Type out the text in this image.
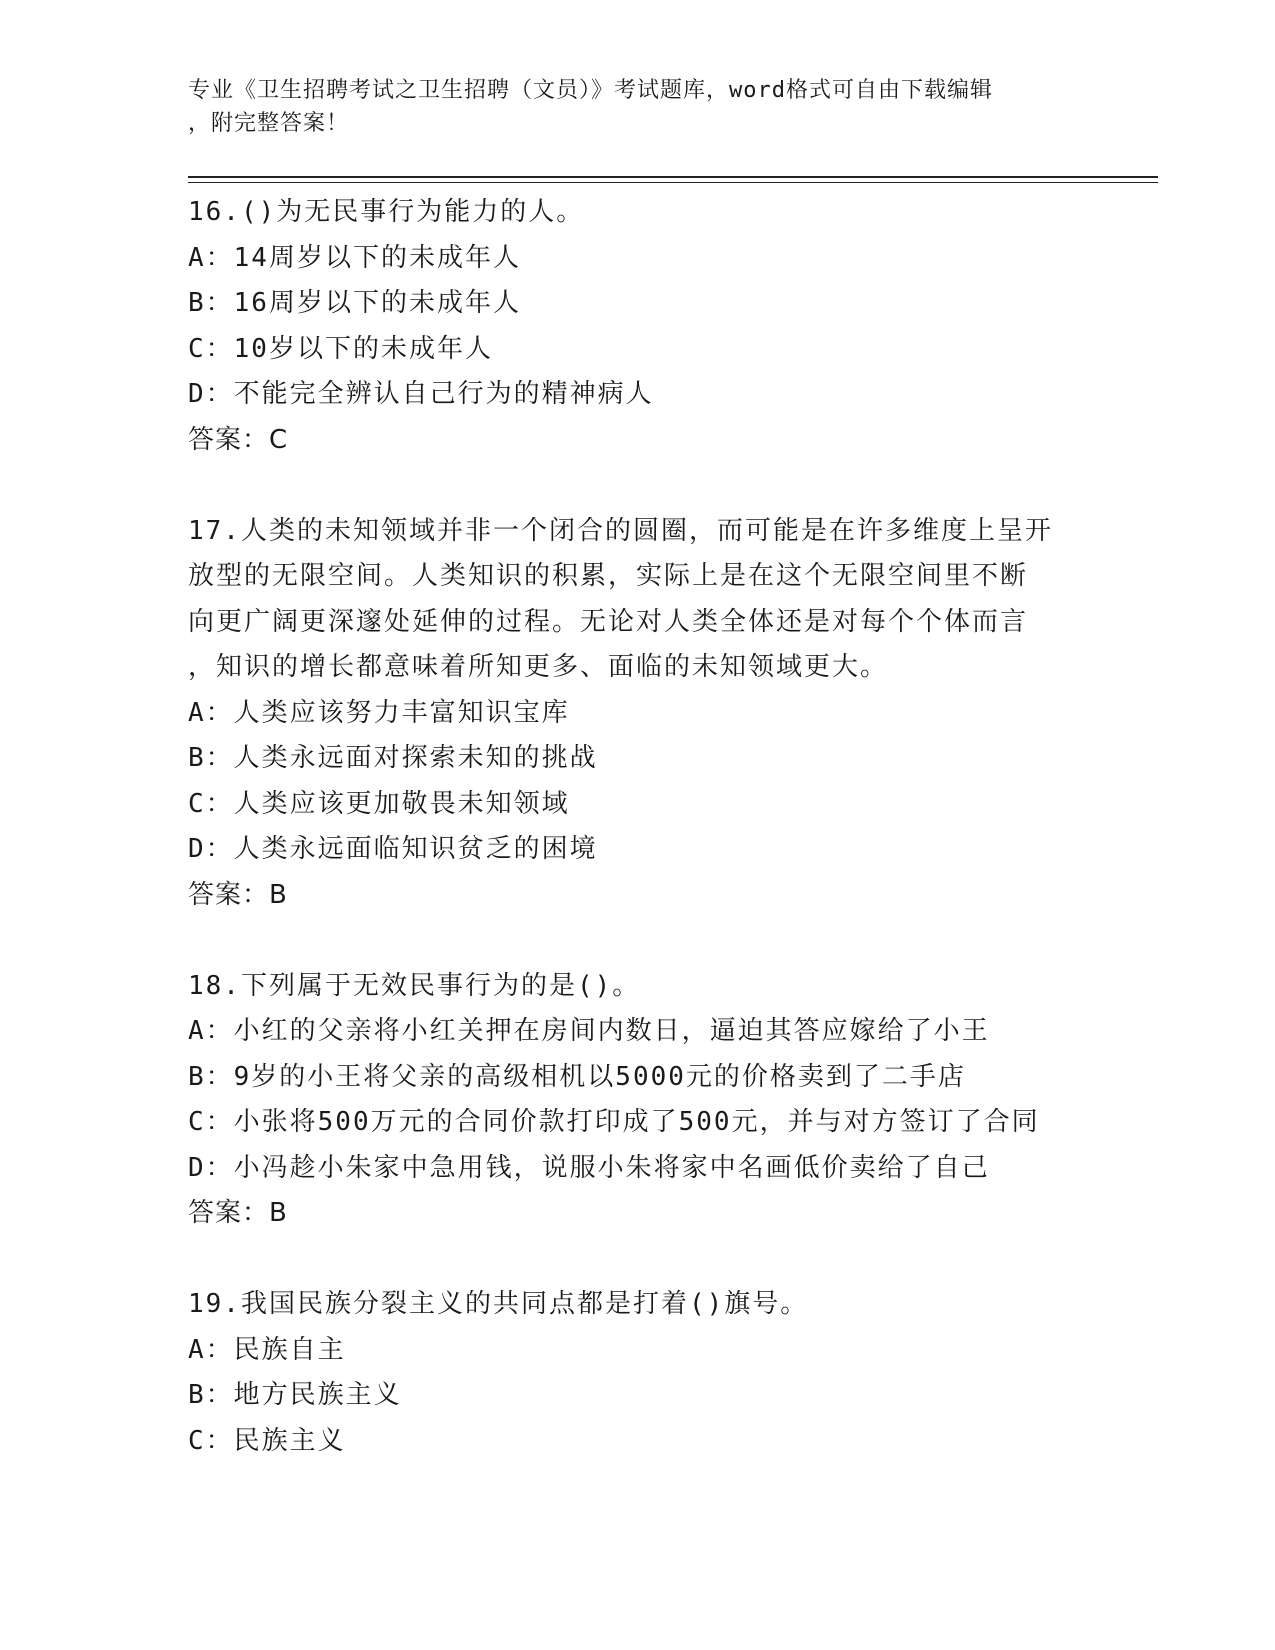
专业《卫生招聘考试之卫生招聘（文员）》考试题库，word格式可自由下载编辑
，附完整答案！
16.()为无民事行为能力的人。
A：14周岁以下的未成年人
B：16周岁以下的未成年人
C：10岁以下的未成年人
D：不能完全辨认自己行为的精神病人
答案：C
17.人类的未知领域并非一个闭合的圆圈，而可能是在许多维度上呈开
放型的无限空间。人类知识的积累，实际上是在这个无限空间里不断
向更广阔更深邃处延伸的过程。无论对人类全体还是对每个个体而言
，知识的增长都意味着所知更多、面临的未知领域更大。
A：人类应该努力丰富知识宝库
B：人类永远面对探索未知的挑战
C：人类应该更加敬畏未知领域
D：人类永远面临知识贫乏的困境
答案：B
18.下列属于无效民事行为的是()。
A：小红的父亲将小红关押在房间内数日，逼迫其答应嫁给了小王
B：9岁的小王将父亲的高级相机以5000元的价格卖到了二手店
C：小张将500万元的合同价款打印成了500元，并与对方签订了合同
D：小冯趁小朱家中急用钱，说服小朱将家中名画低价卖给了自己
答案：B
19.我国民族分裂主义的共同点都是打着()旗号。
A：民族自主
B：地方民族主义
C：民族主义
